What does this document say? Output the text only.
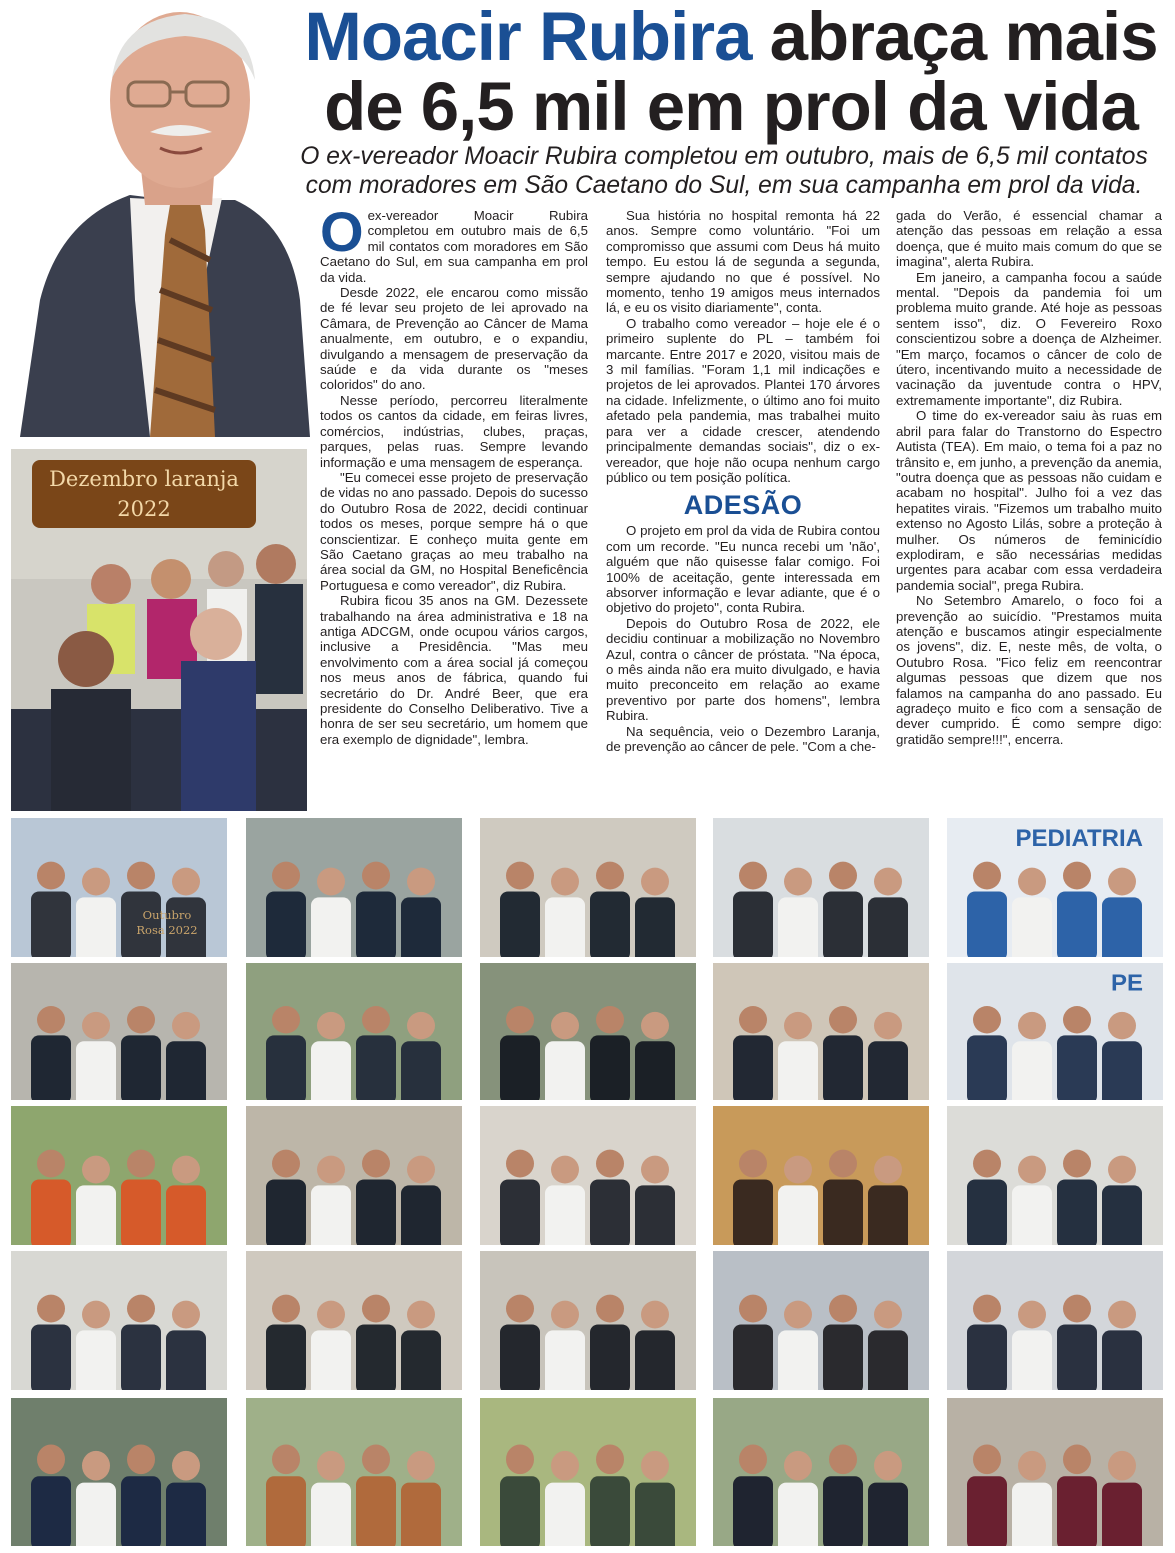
Moacir Rubira abraça mais
de 6,5 mil em prol da vida

O ex-vereador Moacir Rubira completou em outubro, mais de 6,5 mil contatos com moradores em São Caetano do Sul, em sua campanha em prol da vida.

Dezembro laranja
2022

Oex-vereador Moacir Rubira completou em outubro mais de 6,5 mil contatos com moradores em São Caetano do Sul, em sua campanha em prol da vida.

Desde 2022, ele encarou como missão de fé levar seu projeto de lei aprovado na Câmara, de Prevenção ao Câncer de Mama anualmente, em outubro, e o expandiu, divulgando a mensagem de preservação da saúde e da vida durante os "meses coloridos" do ano.

Nesse período, percorreu literalmente todos os cantos da cidade, em feiras livres, comércios, indústrias, clubes, praças, parques, pelas ruas. Sempre levando informação e uma mensagem de esperança.

"Eu comecei esse projeto de preservação de vidas no ano passado. Depois do sucesso do Outubro Rosa de 2022, decidi continuar todos os meses, porque sempre há o que conscientizar. E conheço muita gente em São Caetano graças ao meu trabalho na área social da GM, no Hospital Beneficência Portuguesa e como vereador", diz Rubira.

Rubira ficou 35 anos na GM. Dezessete trabalhando na área administrativa e 18 na antiga ADCGM, onde ocupou vários cargos, inclusive a Presidência. "Mas meu envolvimento com a área social já começou nos meus anos de fábrica, quando fui secretário do Dr. André Beer, que era presidente do Conselho Deliberativo. Tive a honra de ser seu secretário, um homem que era exemplo de dignidade", lembra.

Sua história no hospital remonta há 22 anos. Sempre como voluntário. "Foi um compromisso que assumi com Deus há muito tempo. Eu estou lá de segunda a segunda, sempre ajudando no que é possível. No momento, tenho 19 amigos meus internados lá, e eu os visito diariamente", conta.

O trabalho como vereador – hoje ele é o primeiro suplente do PL – também foi marcante. Entre 2017 e 2020, visitou mais de 3 mil famílias. "Foram 1,1 mil indicações e projetos de lei aprovados. Plantei 170 árvores na cidade. Infelizmente, o último ano foi muito afetado pela pandemia, mas trabalhei muito para ver a cidade crescer, atendendo principalmente demandas sociais", diz o ex-vereador, que hoje não ocupa nenhum cargo público ou tem posição política.

ADESÃO

O projeto em prol da vida de Rubira contou com um recorde. "Eu nunca recebi um 'não', alguém que não quisesse falar comigo. Foi 100% de aceitação, gente interessada em absorver informação e levar adiante, que é o objetivo do projeto", conta Rubira.

Depois do Outubro Rosa de 2022, ele decidiu continuar a mobilização no Novembro Azul, contra o câncer de próstata. "Na época, o mês ainda não era muito divulgado, e havia muito preconceito em relação ao exame preventivo por parte dos homens", lembra Rubira.

Na sequência, veio o Dezembro Laranja, de prevenção ao câncer de pele. "Com a che-

gada do Verão, é essencial chamar a atenção das pessoas em relação a essa doença, que é muito mais comum do que se imagina", alerta Rubira.

Em janeiro, a campanha focou a saúde mental. "Depois da pandemia foi um problema muito grande. Até hoje as pessoas sentem isso", diz. O Fevereiro Roxo conscientizou sobre a doença de Alzheimer. "Em março, focamos o câncer de colo de útero, incentivando muito a necessidade de vacinação da juventude contra o HPV, extremamente importante", diz Rubira.

O time do ex-vereador saiu às ruas em abril para falar do Transtorno do Espectro Autista (TEA). Em maio, o tema foi a paz no trânsito e, em junho, a prevenção da anemia, "outra doença que as pessoas não cuidam e acabam no hospital". Julho foi a vez das hepatites virais. "Fizemos um trabalho muito extenso no Agosto Lilás, sobre a proteção à mulher. Os números de feminicídio explodiram, e são necessárias medidas urgentes para acabar com essa verdadeira pandemia social", prega Rubira.

No Setembro Amarelo, o foco foi a prevenção ao suicídio. "Prestamos muita atenção e buscamos atingir especialmente os jovens", diz. E, neste mês, de volta, o Outubro Rosa. "Fico feliz em reencontrar algumas pessoas que dizem que nos falamos na campanha do ano passado. Eu agradeço muito e fico com a sensação de dever cumprido. É como sempre digo: gratidão sempre!!!", encerra.

PEDIATRIA
PE
Outubro
Rosa 2022
